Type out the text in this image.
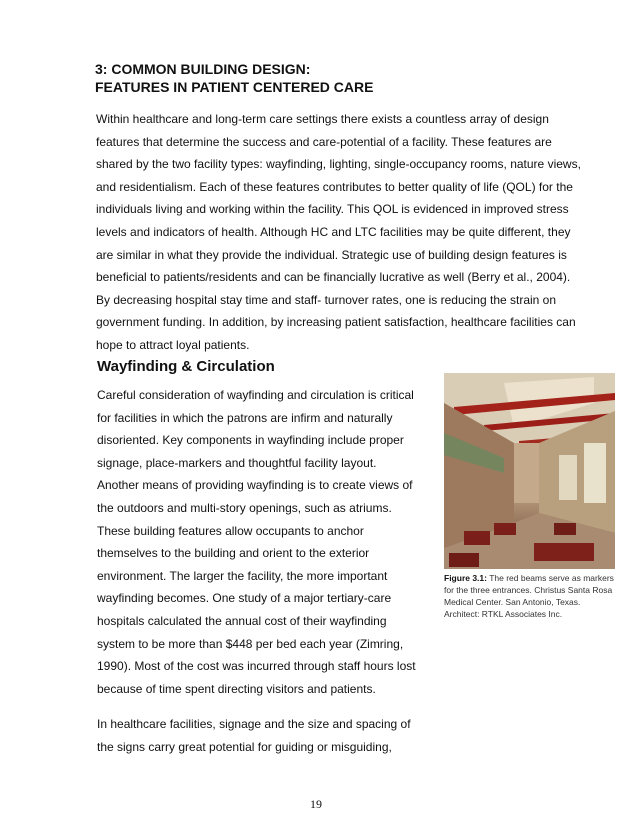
3: COMMON BUILDING DESIGN:
FEATURES IN PATIENT CENTERED CARE
Within healthcare and long-term care settings there exists a countless array of design
features that determine the success and care-potential of a facility. These features are
shared by the two facility types: wayfinding, lighting, single-occupancy rooms, nature views,
and residentialism. Each of these features contributes to better quality of life (QOL) for the
individuals living and working within the facility. This QOL is evidenced in improved stress
levels and indicators of health. Although HC and LTC facilities may be quite different, they
are similar in what they provide the individual. Strategic use of building design features is
beneficial to patients/residents and can be financially lucrative as well (Berry et al., 2004).
By decreasing hospital stay time and staff- turnover rates, one is reducing the strain on
government funding. In addition, by increasing patient satisfaction, healthcare facilities can
hope to attract loyal patients.
Wayfinding & Circulation
Careful consideration of wayfinding and circulation is critical
for facilities in which the patrons are infirm and naturally
disoriented. Key components in wayfinding include proper
signage, place-markers and thoughtful facility layout.
Another means of providing wayfinding is to create views of
the outdoors and multi-story openings, such as atriums.
These building features allow occupants to anchor
themselves to the building and orient to the exterior
environment. The larger the facility, the more important
wayfinding becomes. One study of a major tertiary-care
hospitals calculated the annual cost of their wayfinding
system to be more than $448 per bed each year (Zimring,
1990). Most of the cost was incurred through staff hours lost
because of time spent directing visitors and patients.
Figure 3.1: The red beams serve as markers for the three entrances. Christus Santa Rosa Medical Center. San Antonio, Texas. Architect: RTKL Associates Inc.
In healthcare facilities, signage and the size and spacing of
the signs carry great potential for guiding or misguiding,
19
